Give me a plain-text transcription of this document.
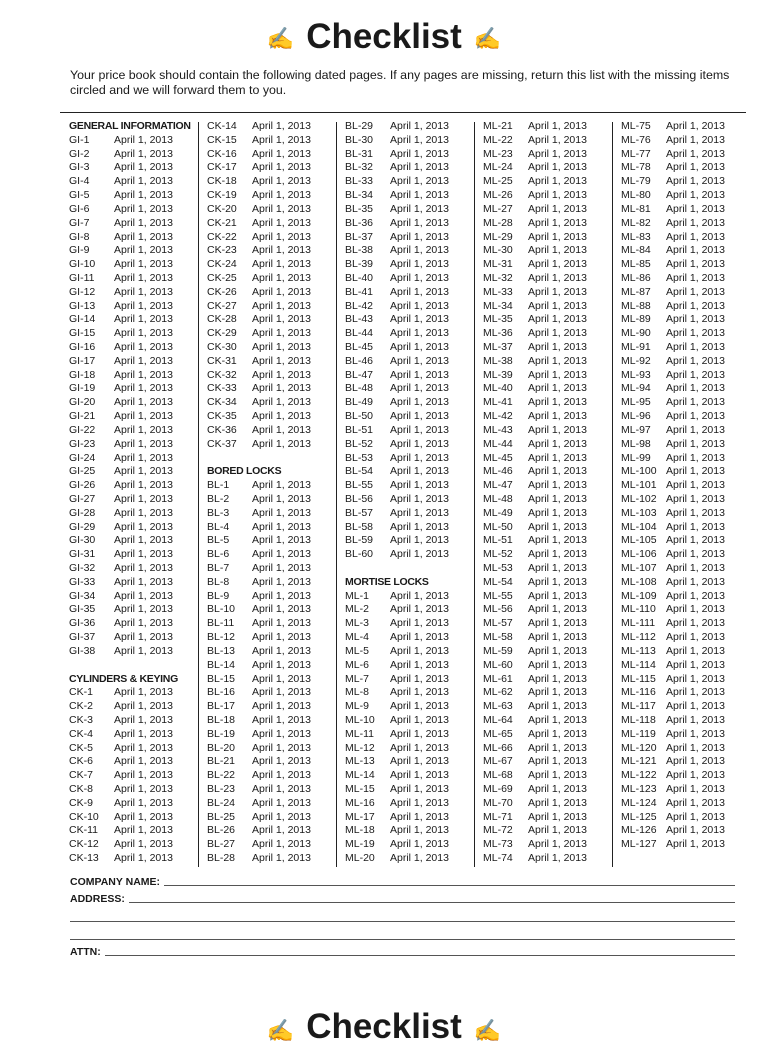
✍ Checklist ✍
Your price book should contain the following dated pages. If any pages are missing, return this list with the missing items circled and we will forward them to you.
GENERAL INFORMATION
GI-1 April 1, 2013
GI-2 April 1, 2013
GI-3 April 1, 2013
GI-4 April 1, 2013
GI-5 April 1, 2013
GI-6 April 1, 2013
GI-7 April 1, 2013
GI-8 April 1, 2013
GI-9 April 1, 2013
GI-10 April 1, 2013
GI-11 April 1, 2013
GI-12 April 1, 2013
GI-13 April 1, 2013
GI-14 April 1, 2013
GI-15 April 1, 2013
GI-16 April 1, 2013
GI-17 April 1, 2013
GI-18 April 1, 2013
GI-19 April 1, 2013
GI-20 April 1, 2013
GI-21 April 1, 2013
GI-22 April 1, 2013
GI-23 April 1, 2013
GI-24 April 1, 2013
GI-25 April 1, 2013
GI-26 April 1, 2013
GI-27 April 1, 2013
GI-28 April 1, 2013
GI-29 April 1, 2013
GI-30 April 1, 2013
GI-31 April 1, 2013
GI-32 April 1, 2013
GI-33 April 1, 2013
GI-34 April 1, 2013
GI-35 April 1, 2013
GI-36 April 1, 2013
GI-37 April 1, 2013
GI-38 April 1, 2013
CYLINDERS & KEYING
CK-1 April 1, 2013
CK-2 April 1, 2013
CK-3 April 1, 2013
CK-4 April 1, 2013
CK-5 April 1, 2013
CK-6 April 1, 2013
CK-7 April 1, 2013
CK-8 April 1, 2013
CK-9 April 1, 2013
CK-10 April 1, 2013
CK-11 April 1, 2013
CK-12 April 1, 2013
CK-13 April 1, 2013
CK-14 April 1, 2013
CK-15 April 1, 2013
CK-16 April 1, 2013
CK-17 April 1, 2013
CK-18 April 1, 2013
CK-19 April 1, 2013
CK-20 April 1, 2013
CK-21 April 1, 2013
CK-22 April 1, 2013
CK-23 April 1, 2013
CK-24 April 1, 2013
CK-25 April 1, 2013
CK-26 April 1, 2013
CK-27 April 1, 2013
CK-28 April 1, 2013
CK-29 April 1, 2013
CK-30 April 1, 2013
CK-31 April 1, 2013
CK-32 April 1, 2013
CK-33 April 1, 2013
CK-34 April 1, 2013
CK-35 April 1, 2013
CK-36 April 1, 2013
CK-37 April 1, 2013
BORED LOCKS
BL-1 April 1, 2013
BL-2 April 1, 2013
BL-3 April 1, 2013
BL-4 April 1, 2013
BL-5 April 1, 2013
BL-6 April 1, 2013
BL-7 April 1, 2013
BL-8 April 1, 2013
BL-9 April 1, 2013
BL-10 April 1, 2013
BL-11 April 1, 2013
BL-12 April 1, 2013
BL-13 April 1, 2013
BL-14 April 1, 2013
BL-15 April 1, 2013
BL-16 April 1, 2013
BL-17 April 1, 2013
BL-18 April 1, 2013
BL-19 April 1, 2013
BL-20 April 1, 2013
BL-21 April 1, 2013
BL-22 April 1, 2013
BL-23 April 1, 2013
BL-24 April 1, 2013
BL-25 April 1, 2013
BL-26 April 1, 2013
BL-27 April 1, 2013
BL-28 April 1, 2013
BL-29 April 1, 2013
BL-30 April 1, 2013
BL-31 April 1, 2013
BL-32 April 1, 2013
BL-33 April 1, 2013
BL-34 April 1, 2013
BL-35 April 1, 2013
BL-36 April 1, 2013
BL-37 April 1, 2013
BL-38 April 1, 2013
BL-39 April 1, 2013
BL-40 April 1, 2013
BL-41 April 1, 2013
BL-42 April 1, 2013
BL-43 April 1, 2013
BL-44 April 1, 2013
BL-45 April 1, 2013
BL-46 April 1, 2013
BL-47 April 1, 2013
BL-48 April 1, 2013
BL-49 April 1, 2013
BL-50 April 1, 2013
BL-51 April 1, 2013
BL-52 April 1, 2013
BL-53 April 1, 2013
BL-54 April 1, 2013
BL-55 April 1, 2013
BL-56 April 1, 2013
BL-57 April 1, 2013
BL-58 April 1, 2013
BL-59 April 1, 2013
BL-60 April 1, 2013
MORTISE LOCKS
ML-1 April 1, 2013
ML-2 April 1, 2013
ML-3 April 1, 2013
ML-4 April 1, 2013
ML-5 April 1, 2013
ML-6 April 1, 2013
ML-7 April 1, 2013
ML-8 April 1, 2013
ML-9 April 1, 2013
ML-10 April 1, 2013
ML-11 April 1, 2013
ML-12 April 1, 2013
ML-13 April 1, 2013
ML-14 April 1, 2013
ML-15 April 1, 2013
ML-16 April 1, 2013
ML-17 April 1, 2013
ML-18 April 1, 2013
ML-19 April 1, 2013
ML-20 April 1, 2013
ML-21 April 1, 2013
ML-22 April 1, 2013
ML-23 April 1, 2013
ML-24 April 1, 2013
ML-25 April 1, 2013
ML-26 April 1, 2013
ML-27 April 1, 2013
ML-28 April 1, 2013
ML-29 April 1, 2013
ML-30 April 1, 2013
ML-31 April 1, 2013
ML-32 April 1, 2013
ML-33 April 1, 2013
ML-34 April 1, 2013
ML-35 April 1, 2013
ML-36 April 1, 2013
ML-37 April 1, 2013
ML-38 April 1, 2013
ML-39 April 1, 2013
ML-40 April 1, 2013
ML-41 April 1, 2013
ML-42 April 1, 2013
ML-43 April 1, 2013
ML-44 April 1, 2013
ML-45 April 1, 2013
ML-46 April 1, 2013
ML-47 April 1, 2013
ML-48 April 1, 2013
ML-49 April 1, 2013
ML-50 April 1, 2013
ML-51 April 1, 2013
ML-52 April 1, 2013
ML-53 April 1, 2013
ML-54 April 1, 2013
ML-55 April 1, 2013
ML-56 April 1, 2013
ML-57 April 1, 2013
ML-58 April 1, 2013
ML-59 April 1, 2013
ML-60 April 1, 2013
ML-61 April 1, 2013
ML-62 April 1, 2013
ML-63 April 1, 2013
ML-64 April 1, 2013
ML-65 April 1, 2013
ML-66 April 1, 2013
ML-67 April 1, 2013
ML-68 April 1, 2013
ML-69 April 1, 2013
ML-70 April 1, 2013
ML-71 April 1, 2013
ML-72 April 1, 2013
ML-73 April 1, 2013
ML-74 April 1, 2013
ML-75 April 1, 2013
ML-76 April 1, 2013
ML-77 April 1, 2013
ML-78 April 1, 2013
ML-79 April 1, 2013
ML-80 April 1, 2013
ML-81 April 1, 2013
ML-82 April 1, 2013
ML-83 April 1, 2013
ML-84 April 1, 2013
ML-85 April 1, 2013
ML-86 April 1, 2013
ML-87 April 1, 2013
ML-88 April 1, 2013
ML-89 April 1, 2013
ML-90 April 1, 2013
ML-91 April 1, 2013
ML-92 April 1, 2013
ML-93 April 1, 2013
ML-94 April 1, 2013
ML-95 April 1, 2013
ML-96 April 1, 2013
ML-97 April 1, 2013
ML-98 April 1, 2013
ML-99 April 1, 2013
ML-100 April 1, 2013
ML-101 April 1, 2013
ML-102 April 1, 2013
ML-103 April 1, 2013
ML-104 April 1, 2013
ML-105 April 1, 2013
ML-106 April 1, 2013
ML-107 April 1, 2013
ML-108 April 1, 2013
ML-109 April 1, 2013
ML-110 April 1, 2013
ML-111 April 1, 2013
ML-112 April 1, 2013
ML-113 April 1, 2013
ML-114 April 1, 2013
ML-115 April 1, 2013
ML-116 April 1, 2013
ML-117 April 1, 2013
ML-118 April 1, 2013
ML-119 April 1, 2013
ML-120 April 1, 2013
ML-121 April 1, 2013
ML-122 April 1, 2013
ML-123 April 1, 2013
ML-124 April 1, 2013
ML-125 April 1, 2013
ML-126 April 1, 2013
ML-127 April 1, 2013
COMPANY NAME:
ADDRESS:
ATTN:
✍ Checklist ✍
